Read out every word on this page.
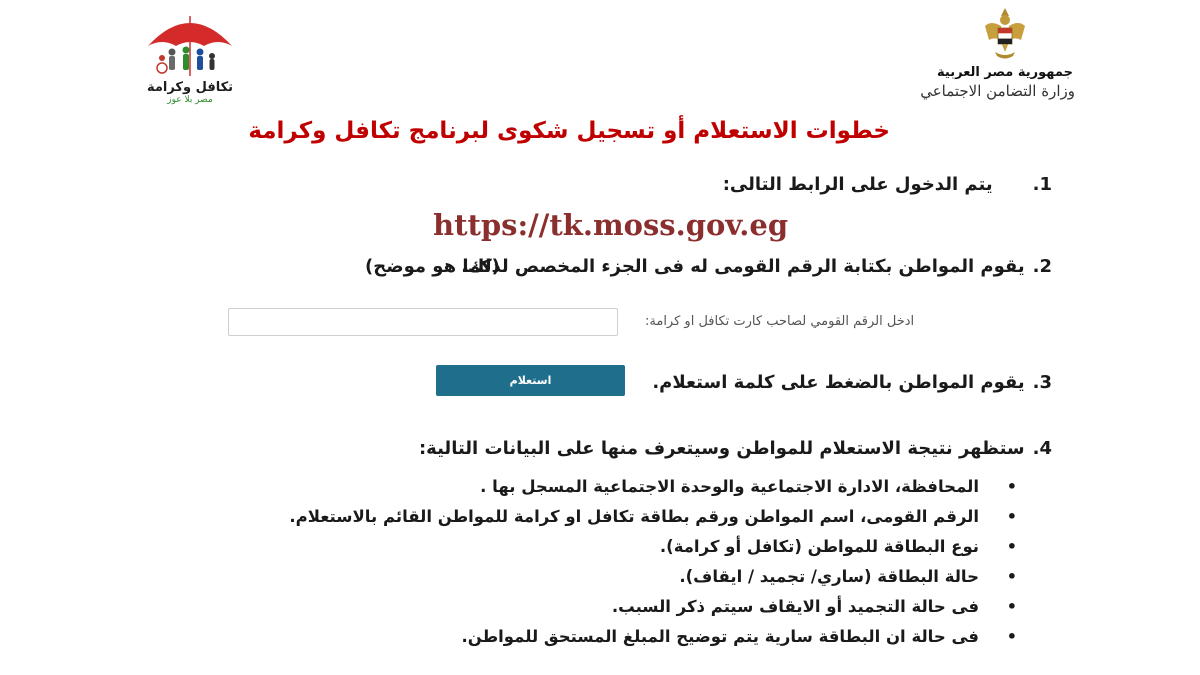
جمهورية مصر العربية
وزارة التضامن الاجتماعي
تكافل وكرامة
مصر بلا عوز
خطوات الاستعلام أو تسجيل شكوى لبرنامج تكافل وكرامة
1.يتم الدخول على الرابط التالى:
https://tk.moss.gov.eg
2.يقوم المواطن بكتابة الرقم القومى له فى الجزء المخصص لذلك.
(كما هو موضح)
ادخل الرقم القومي لصاحب كارت تكافل او كرامة:
3.يقوم المواطن بالضغط على كلمة استعلام.
استعلام
4.ستظهر نتيجة الاستعلام للمواطن وسيتعرف منها على البيانات التالية:
•
المحافظة، الادارة الاجتماعية والوحدة الاجتماعية المسجل بها .
•
الرقم القومى، اسم المواطن ورقم بطاقة تكافل او كرامة للمواطن القائم بالاستعلام.
•
نوع البطاقة للمواطن (تكافل أو كرامة).
•
حالة البطاقة (ساري/ تجميد / ايقاف).
•
فى حالة التجميد أو الايقاف سيتم ذكر السبب.
•
فى حالة ان البطاقة سارية يتم توضيح المبلغ المستحق للمواطن.
